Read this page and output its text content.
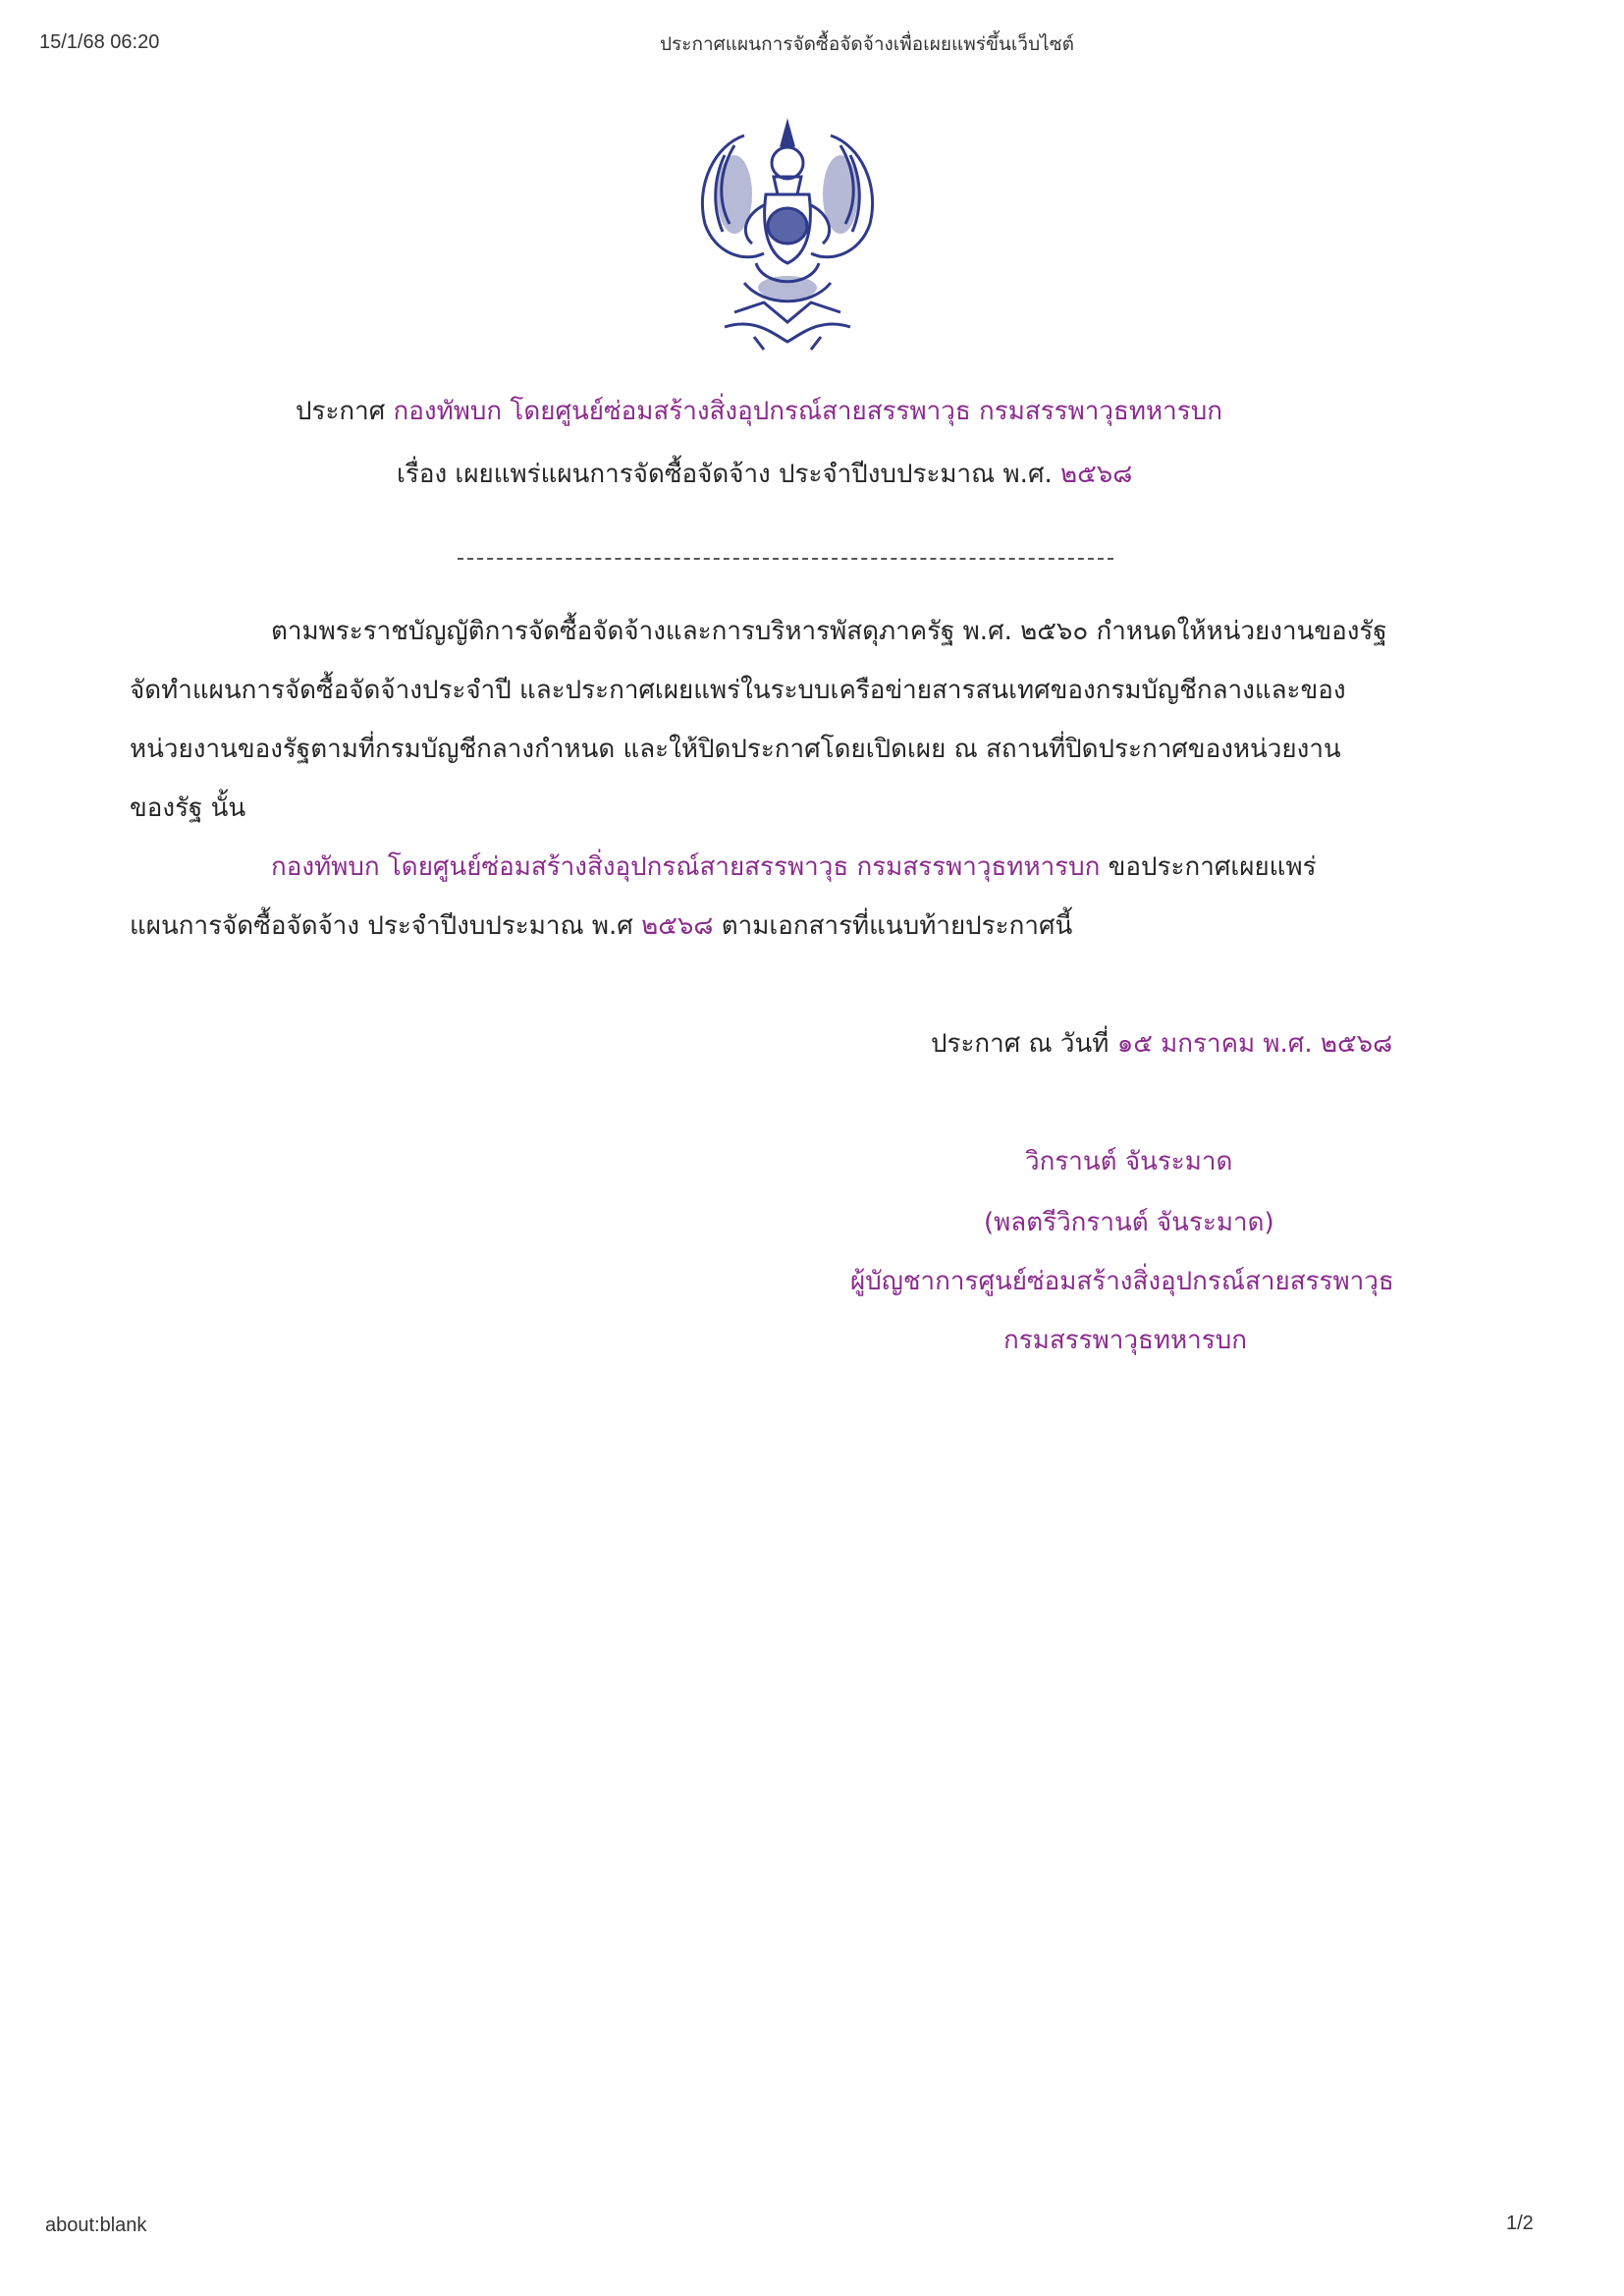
15/1/68 06:20	ประกาศแผนการจัดซื้อจัดจ้างเพื่อเผยแพร่ขึ้นเว็บไซต์
ประกาศ กองทัพบก โดยศูนย์ซ่อมสร้างสิ่งอุปกรณ์สายสรรพาวุธ กรมสรรพาวุธทหารบก
เรื่อง เผยแพร่แผนการจัดซื้อจัดจ้าง ประจำปีงบประมาณ พ.ศ. ๒๕๖๘
ตามพระราชบัญญัติการจัดซื้อจัดจ้างและการบริหารพัสดุภาครัฐ พ.ศ. ๒๕๖๐ กำหนดให้หน่วยงานของรัฐ
จัดทำแผนการจัดซื้อจัดจ้างประจำปี และประกาศเผยแพร่ในระบบเครือข่ายสารสนเทศของกรมบัญชีกลางและของ
หน่วยงานของรัฐตามที่กรมบัญชีกลางกำหนด และให้ปิดประกาศโดยเปิดเผย ณ สถานที่ปิดประกาศของหน่วยงาน
ของรัฐ นั้น
กองทัพบก โดยศูนย์ซ่อมสร้างสิ่งอุปกรณ์สายสรรพาวุธ กรมสรรพาวุธทหารบก ขอประกาศเผยแพร่
แผนการจัดซื้อจัดจ้าง ประจำปีงบประมาณ พ.ศ ๒๕๖๘ ตามเอกสารที่แนบท้ายประกาศนี้
ประกาศ ณ วันที่ ๑๕ มกราคม พ.ศ. ๒๕๖๘
วิกรานต์ จันระมาด
(พลตรีวิกรานต์ จันระมาด)
ผู้บัญชาการศูนย์ซ่อมสร้างสิ่งอุปกรณ์สายสรรพาวุธ
กรมสรรพาวุธทหารบก
about:blank	1/2
